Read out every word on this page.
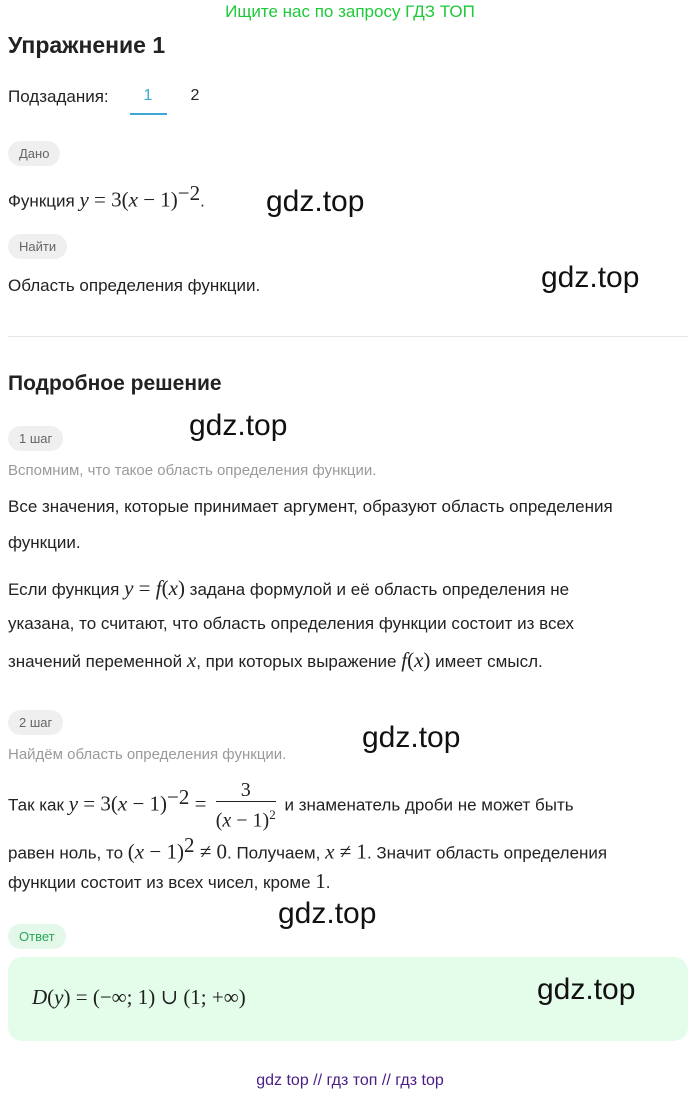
Ищите нас по запросу ГДЗ ТОП
Упражнение 1
Подзадания:	1	2
Дано
Функция $y = 3(x - 1)^{-2}$.	gdz.top
Найти
Область определения функции.	gdz.top
Подробное решение
gdz.top
1 шаг
Вспомним, что такое область определения функции.
Все значения, которые принимает аргумент, образуют область определения
функции.
Если функция y = f(x) задана формулой и её область определения не
указана, то считают, что область определения функции состоит из всех
значений переменной x, при которых выражение f(x) имеет смысл.
2 шаг
Найдём область определения функции.
gdz.top
Так как $y = 3(x - 1)^{-2} = \frac{3}{(x - 1)^2}$ и знаменатель дроби не может быть
равен ноль, то $(x - 1)^2 \ne 0$. Получаем, x ≠ 1. Значит область определения
функции состоит из всех чисел, кроме 1.
gdz.top
Ответ
D(y) = (−∞; 1) ∪ (1; +∞)	gdz.top
gdz top // гдз топ // гдз top
